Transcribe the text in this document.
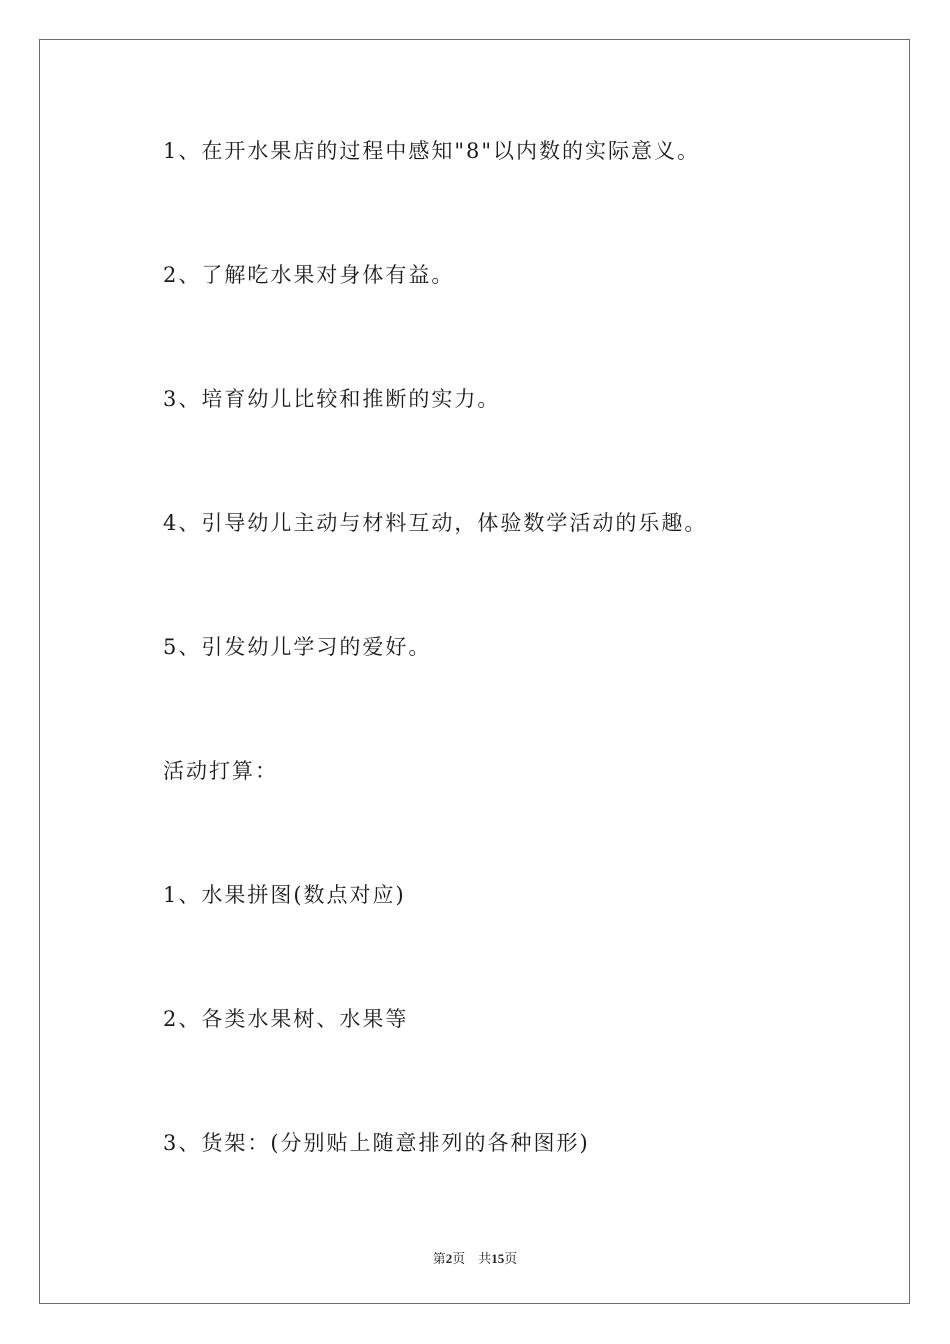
1、在开水果店的过程中感知"8"以内数的实际意义。
2、了解吃水果对身体有益。
3、培育幼儿比较和推断的实力。
4、引导幼儿主动与材料互动，体验数学活动的乐趣。
5、引发幼儿学习的爱好。
活动打算：
1、水果拼图(数点对应)
2、各类水果树、水果等
3、货架：(分别贴上随意排列的各种图形)
第2页 共15页
